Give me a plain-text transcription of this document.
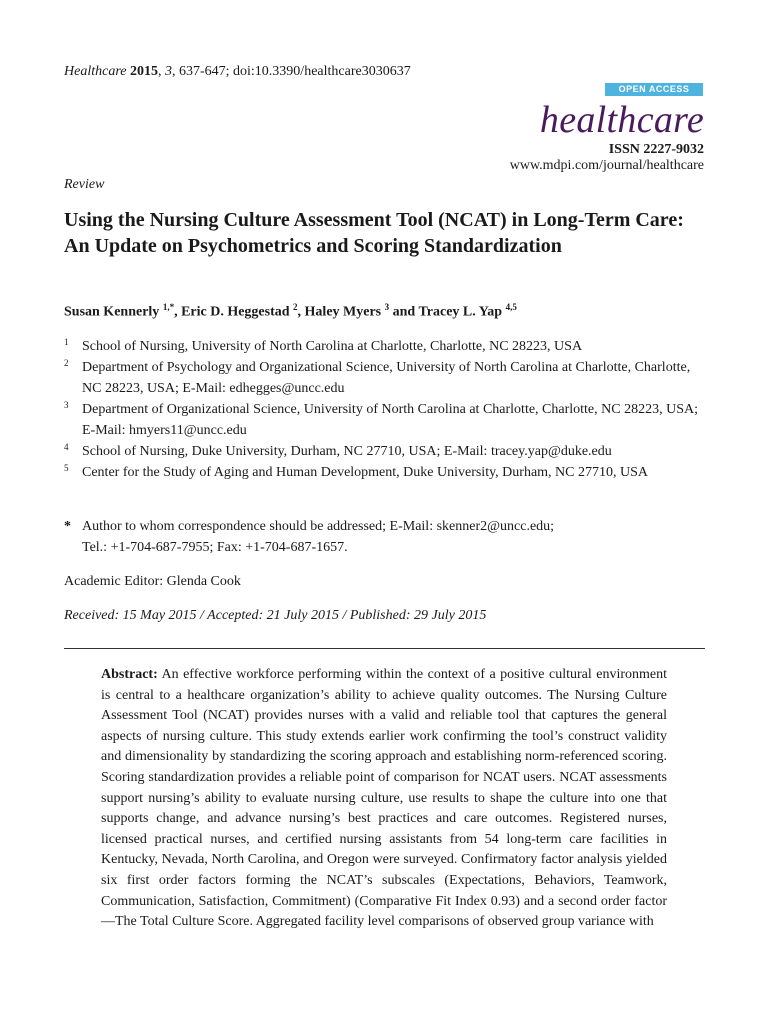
Healthcare 2015, 3, 637-647; doi:10.3390/healthcare3030637
OPEN ACCESS
healthcare
ISSN 2227-9032
www.mdpi.com/journal/healthcare
Review
Using the Nursing Culture Assessment Tool (NCAT) in Long-Term Care: An Update on Psychometrics and Scoring Standardization
Susan Kennerly $^{1,*}$, Eric D. Heggestad $^2$, Haley Myers $^3$ and Tracey L. Yap $^{4,5}$
1 School of Nursing, University of North Carolina at Charlotte, Charlotte, NC 28223, USA
2 Department of Psychology and Organizational Science, University of North Carolina at Charlotte, Charlotte, NC 28223, USA; E-Mail: edhegges@uncc.edu
3 Department of Organizational Science, University of North Carolina at Charlotte, Charlotte, NC 28223, USA; E-Mail: hmyers11@uncc.edu
4 School of Nursing, Duke University, Durham, NC 27710, USA; E-Mail: tracey.yap@duke.edu
5 Center for the Study of Aging and Human Development, Duke University, Durham, NC 27710, USA
* Author to whom correspondence should be addressed; E-Mail: skenner2@uncc.edu;
Tel.: +1-704-687-7955; Fax: +1-704-687-1657.
Academic Editor: Glenda Cook
Received: 15 May 2015 / Accepted: 21 July 2015 / Published: 29 July 2015

Abstract: An effective workforce performing within the context of a positive cultural environment is central to a healthcare organization’s ability to achieve quality outcomes. The Nursing Culture Assessment Tool (NCAT) provides nurses with a valid and reliable tool that captures the general aspects of nursing culture. This study extends earlier work confirming the tool’s construct validity and dimensionality by standardizing the scoring approach and establishing norm-referenced scoring. Scoring standardization provides a reliable point of comparison for NCAT users. NCAT assessments support nursing’s ability to evaluate nursing culture, use results to shape the culture into one that supports change, and advance nursing’s best practices and care outcomes. Registered nurses, licensed practical nurses, and certified nursing assistants from 54 long-term care facilities in Kentucky, Nevada, North Carolina, and Oregon were surveyed. Confirmatory factor analysis yielded six first order factors forming the NCAT’s subscales (Expectations, Behaviors, Teamwork, Communication, Satisfaction, Commitment) (Comparative Fit Index 0.93) and a second order factor—The Total Culture Score. Aggregated facility level comparisons of observed group variance with
